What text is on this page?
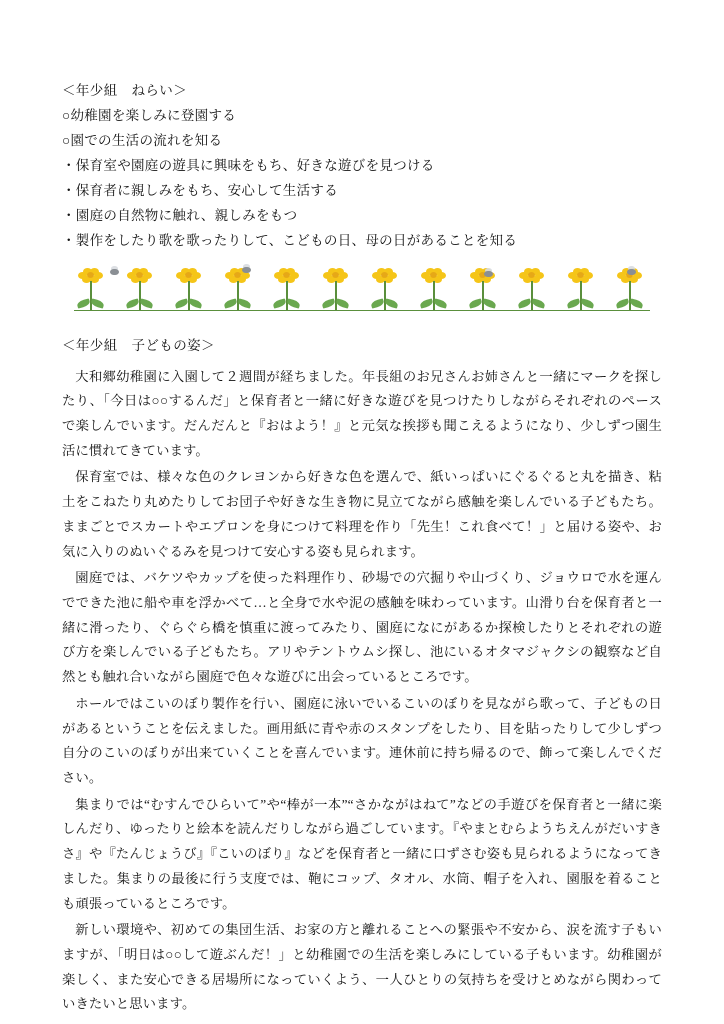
＜年少組　ねらい＞
○幼稚園を楽しみに登園する
○園での生活の流れを知る
・保育室や園庭の遊具に興味をもち、好きな遊びを見つける
・保育者に親しみをもち、安心して生活する
・園庭の自然物に触れ、親しみをもつ
・製作をしたり歌を歌ったりして、こどもの日、母の日があることを知る
＜年少組　子どもの姿＞

大和郷幼稚園に入園して２週間が経ちました。年長組のお兄さんお姉さんと一緒にマークを探したり、「今日は○○するんだ」と保育者と一緒に好きな遊びを見つけたりしながらそれぞれのペースで楽しんでいます。だんだんと『おはよう！』と元気な挨拶も聞こえるようになり、少しずつ園生活に慣れてきています。

保育室では、様々な色のクレヨンから好きな色を選んで、紙いっぱいにぐるぐると丸を描き、粘土をこねたり丸めたりしてお団子や好きな生き物に見立てながら感触を楽しんでいる子どもたち。ままごとでスカートやエプロンを身につけて料理を作り「先生！これ食べて！」と届ける姿や、お気に入りのぬいぐるみを見つけて安心する姿も見られます。

園庭では、バケツやカップを使った料理作り、砂場での穴掘りや山づくり、ジョウロで水を運んでできた池に船や車を浮かべて…と全身で水や泥の感触を味わっています。山滑り台を保育者と一緒に滑ったり、ぐらぐら橋を慎重に渡ってみたり、園庭になにがあるか探検したりとそれぞれの遊び方を楽しんでいる子どもたち。アリやテントウムシ探し、池にいるオタマジャクシの観察など自然とも触れ合いながら園庭で色々な遊びに出会っているところです。

ホールではこいのぼり製作を行い、園庭に泳いでいるこいのぼりを見ながら歌って、子どもの日があるということを伝えました。画用紙に青や赤のスタンプをしたり、目を貼ったりして少しずつ自分のこいのぼりが出来ていくことを喜んでいます。連休前に持ち帰るので、飾って楽しんでください。

集まりでは“むすんでひらいて”や“棒が一本”“さかながはねて”などの手遊びを保育者と一緒に楽しんだり、ゆったりと絵本を読んだりしながら過ごしています。『やまとむらようちえんがだいすきさ』や『たんじょうび』『こいのぼり』などを保育者と一緒に口ずさむ姿も見られるようになってきました。集まりの最後に行う支度では、鞄にコップ、タオル、水筒、帽子を入れ、園服を着ることも頑張っているところです。

新しい環境や、初めての集団生活、お家の方と離れることへの緊張や不安から、涙を流す子もいますが、「明日は○○して遊ぶんだ！」と幼稚園での生活を楽しみにしている子もいます。幼稚園が楽しく、また安心できる居場所になっていくよう、一人ひとりの気持ちを受けとめながら関わっていきたいと思います。
